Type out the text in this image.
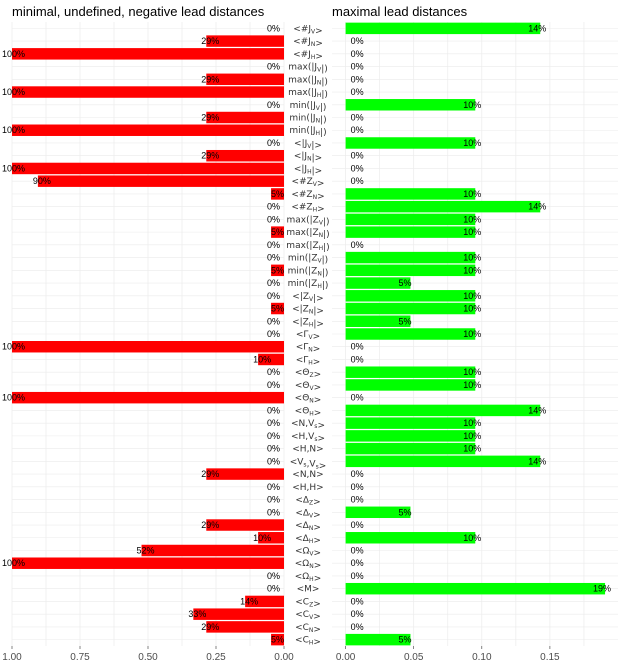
minimal, undefined, negative lead distances	maximal lead distances
0%
29%
100%
0%
29%
100%
0%
29%
100%
0%
29%
100%
90%
5%
0%
0%
5%
0%
0%
5%
0%
0%
5%
0%
0%
100%
10%
0%
0%
100%
0%
0%
0%
0%
0%
29%
0%
0%
0%
29%
10%
52%
100%
0%
0%
14%
33%
29%
5%
14%
0%
0%
0%
0%
0%
10%
0%
0%
10%
0%
0%
0%
10%
14%
10%
10%
0%
10%
10%
5%
10%
10%
5%
10%
0%
0%
10%
10%
0%
14%
10%
10%
10%
14%
0%
0%
0%
5%
0%
10%
0%
0%
0%
19%
0%
0%
0%
5%
$<\#J_V>$
$<\#J_N>$
$<\#J_H>$
$\max(|J_V|)$
$\max(|J_N|)$
$\max(|J_H|)$
$\min(|J_V|)$
$\min(|J_N|)$
$\min(|J_H|)$
$<|J_V|>$
$<|J_N|>$
$<|J_H|>$
$<\#Z_V>$
$<\#Z_N>$
$<\#Z_H>$
$\max(|Z_V|)$
$\max(|Z_N|)$
$\max(|Z_H|)$
$\min(|Z_V|)$
$\min(|Z_N|)$
$\min(|Z_H|)$
$<|Z_V|>$
$<|Z_N|>$
$<|Z_H|>$
$<\Gamma_V>$
$<\Gamma_N>$
$<\Gamma_H>$
$<\Theta_Z>$
$<\Theta_V>$
$<\Theta_N>$
$<\Theta_H>$
$<N,V_s>$
$<H,V_s>$
<H,N>
$<V_s,V_s>$
<N,N>
<H,H>
$<\Delta_Z>$
$<\Delta_V>$
$<\Delta_N>$
$<\Delta_H>$
$<\Omega_V>$
$<\Omega_N>$
$<\Omega_H>$
<M>
$<C_Z>$
$<C_V>$
$<C_N>$
$<C_H>$
1.00	0.75	0.50	0.25	0.00	0.00	0.05	0.10	0.15
